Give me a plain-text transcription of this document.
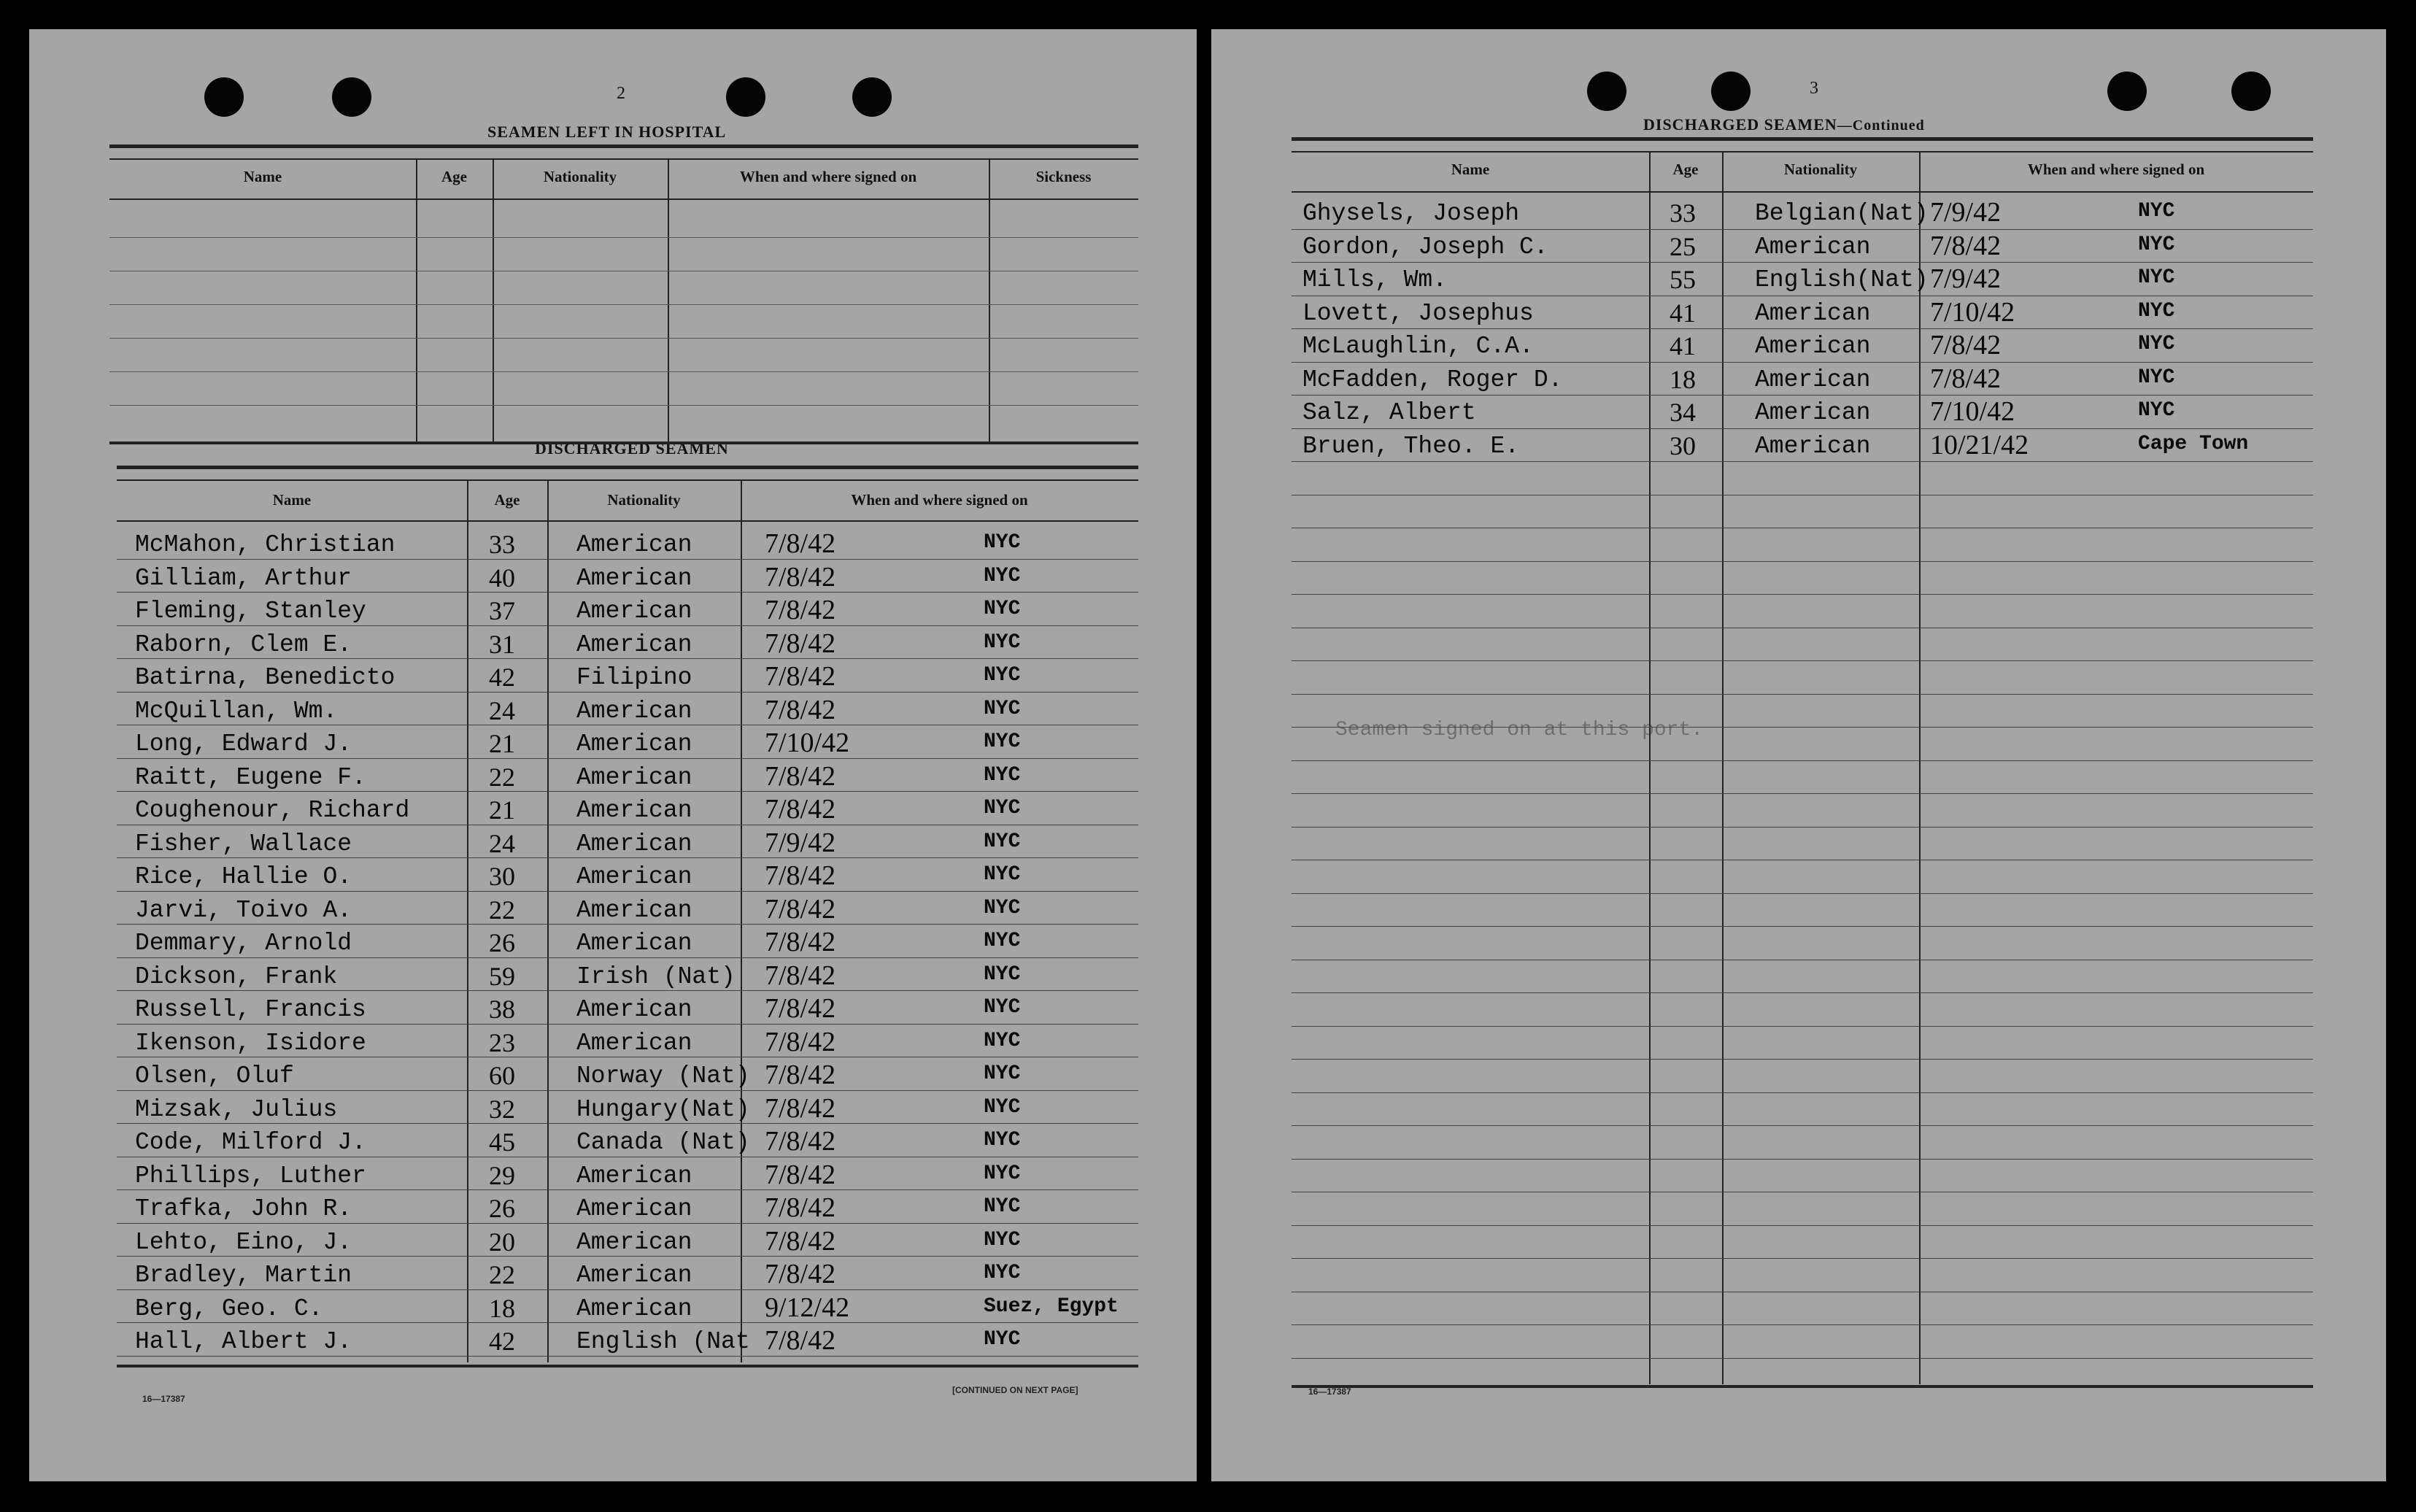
2
SEAMEN LEFT IN HOSPITAL
DISCHARGED SEAMEN
16—17387
[CONTINUED ON NEXT PAGE]
Name	Age	Nationality	When and where signed on	Sickness
Name	Age	Nationality	When and where signed on
McMahon, Christian	33	American	7/8/42	NYC
Gilliam, Arthur	40	American	7/8/42	NYC
Fleming, Stanley	37	American	7/8/42	NYC
Raborn, Clem E.	31	American	7/8/42	NYC
Batirna, Benedicto	42	Filipino	7/8/42	NYC
McQuillan, Wm.	24	American	7/8/42	NYC
Long, Edward J.	21	American	7/10/42	NYC
Raitt, Eugene F.	22	American	7/8/42	NYC
Coughenour, Richard	21	American	7/8/42	NYC
Fisher, Wallace	24	American	7/9/42	NYC
Rice, Hallie O.	30	American	7/8/42	NYC
Jarvi, Toivo A.	22	American	7/8/42	NYC
Demmary, Arnold	26	American	7/8/42	NYC
Dickson, Frank	59	Irish (Nat) 7/8/42	NYC
Russell, Francis	38	American	7/8/42	NYC
Ikenson, Isidore	23	American	7/8/42	NYC
Olsen, Oluf	60	Norway (Nat) 7/8/42	NYC
Mizsak, Julius	32	Hungary(Nat) 7/8/42	NYC
Code, Milford J.	45	Canada (Nat) 7/8/42	NYC
Phillips, Luther	29	American	7/8/42	NYC
Trafka, John R.	26	American	7/8/42	NYC
Lehto, Eino, J.	20	American	7/8/42	NYC
Bradley, Martin	22	American	7/8/42	NYC
Berg, Geo. C.	18	American	9/12/42	Suez, Egypt
Hall, Albert J.	42	English (Nat 7/8/42	NYC
3
DISCHARGED SEAMEN—Continued
Seamen signed on at this port.
16—17387
Name	Age	Nationality	When and where signed on
Ghysels, Joseph	33 Belgian(Nat) 7/9/42	NYC
Gordon, Joseph C.	25 American 7/8/42	NYC
Mills, Wm.	55 English(Nat) 7/9/42	NYC
Lovett, Josephus	41 American 7/10/42	NYC
McLaughlin, C.A.	41 American 7/8/42	NYC
McFadden, Roger D.	18 American 7/8/42	NYC
Salz, Albert	34 American 7/10/42	NYC
Bruen, Theo. E.	30 American 10/21/42	Cape Town
